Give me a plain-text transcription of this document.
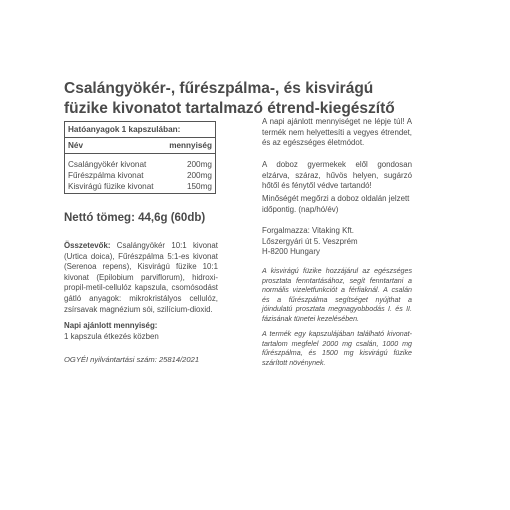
Csalángyökér-, fűrészpálma-, és kisvirágú
füzike kivonatot tartalmazó étrend-kiegészítő
Hatóanyagok 1 kapszulában:
Név	mennyiség
Csalángyökér kivonat	200mg
Fűrészpálma kivonat	200mg
Kisvirágú füzike kivonat	150mg
Nettó tömeg: 44,6g (60db)

Összetevők: Csalángyökér 10:1 kivonat (Urtica doica), Fűrészpálma 5:1-es kivonat (Serenoa repens), Kisvirágú füzike 10:1 kivonat (Epilobium parviflorum), hidroxi-propil-metil-cellulóz kapszula, csomósodást gátló anyagok: mikrokristályos cellulóz, zsírsavak magnézium sói, szilícium-dioxid.

Napi ajánlott mennyiség:
1 kapszula étkezés közben

OGYÉI nyilvántartási szám: 25814/2021

A napi ajánlott mennyiséget ne lépje túl! A termék nem helyettesíti a vegyes étrendet, és az egészséges életmódot.

A doboz gyermekek elől gondosan elzárva, száraz, hűvös helyen, sugárzó hőtől és fénytől védve tartandó!

Minőségét megőrzi a doboz oldalán jelzett időpontig. (nap/hó/év)

Forgalmazza: Vitaking Kft.
Lőszergyári út 5. Veszprém
H-8200 Hungary

A kisvirágú füzike hozzájárul az egészséges prosztata fenntartásához, segít fenntartani a normális vizeletfunkciót a férfiaknál. A csalán és a fűrészpálma segítséget nyújthat a jóindulatú prosztata megnagyobbodás I. és II. fázisának tünetei kezelésében.

A termék egy kapszulájában található kivonat-tartalom megfelel 2000 mg csalán, 1000 mg fűrészpálma, és 1500 mg kisvirágú füzike szárított növénynek.
